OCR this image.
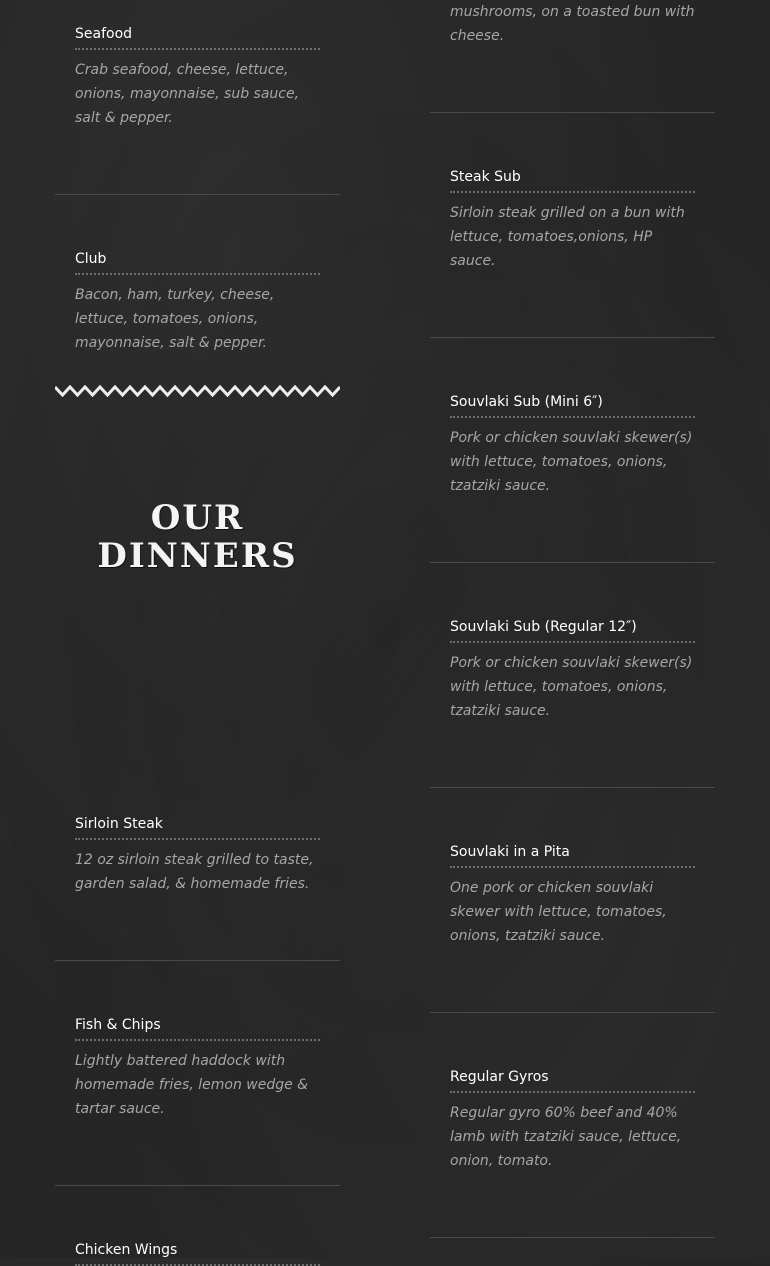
Seafood
Crab seafood, cheese, lettuce, onions, mayonnaise, sub sauce, salt & pepper.
Club
Bacon, ham, turkey, cheese, lettuce, tomatoes, onions, mayonnaise, salt & pepper.
OUR DINNERS
Sirloin Steak
12 oz sirloin steak grilled to taste, garden salad, & homemade fries.
Fish & Chips
Lightly battered haddock with homemade fries, lemon wedge & tartar sauce.
Chicken Wings
mushrooms, on a toasted bun with cheese.
Steak Sub
Sirloin steak grilled on a bun with lettuce, tomatoes,onions, HP sauce.
Souvlaki Sub (Mini 6″)
Pork or chicken souvlaki skewer(s) with lettuce, tomatoes, onions, tzatziki sauce.
Souvlaki Sub (Regular 12″)
Pork or chicken souvlaki skewer(s) with lettuce, tomatoes, onions, tzatziki sauce.
Souvlaki in a Pita
One pork or chicken souvlaki skewer with lettuce, tomatoes, onions, tzatziki sauce.
Regular Gyros
Regular gyro 60% beef and 40% lamb with tzatziki sauce, lettuce, onion, tomato.
